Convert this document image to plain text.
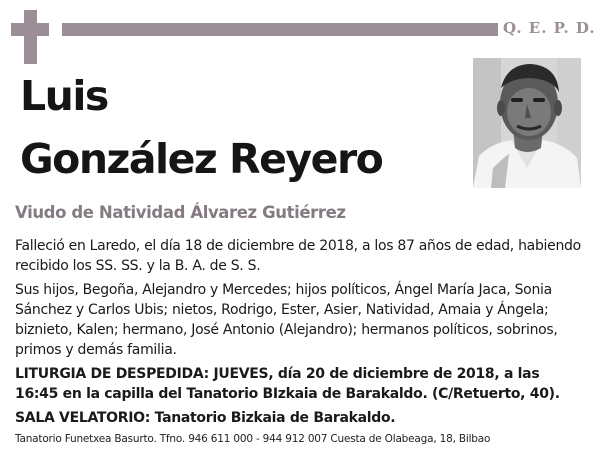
Q. E. P. D.
Luis
González Reyero
Viudo de Natividad Álvarez Gutiérrez

Falleció en Laredo, el día 18 de diciembre de 2018, a los 87 años de edad, habiendo recibido los SS. SS. y la B. A. de S. S.

Sus hijos, Begoña, Alejandro y Mercedes; hijos políticos, Ángel María Jaca, Sonia Sánchez y Carlos Ubis; nietos, Rodrigo, Ester, Asier, Natividad, Amaia y Ángela; biznieto, Kalen; hermano, José Antonio (Alejandro); hermanos políticos, sobrinos, primos y demás familia.

LITURGIA DE DESPEDIDA: JUEVES, día 20 de diciembre de 2018, a las 16:45 en la capilla del Tanatorio BIzkaia de Barakaldo. (C/Retuerto, 40).

SALA VELATORIO: Tanatorio Bizkaia de Barakaldo.

Tanatorio Funetxea Basurto. Tfno. 946 611 000 - 944 912 007 Cuesta de Olabeaga, 18, Bilbao
